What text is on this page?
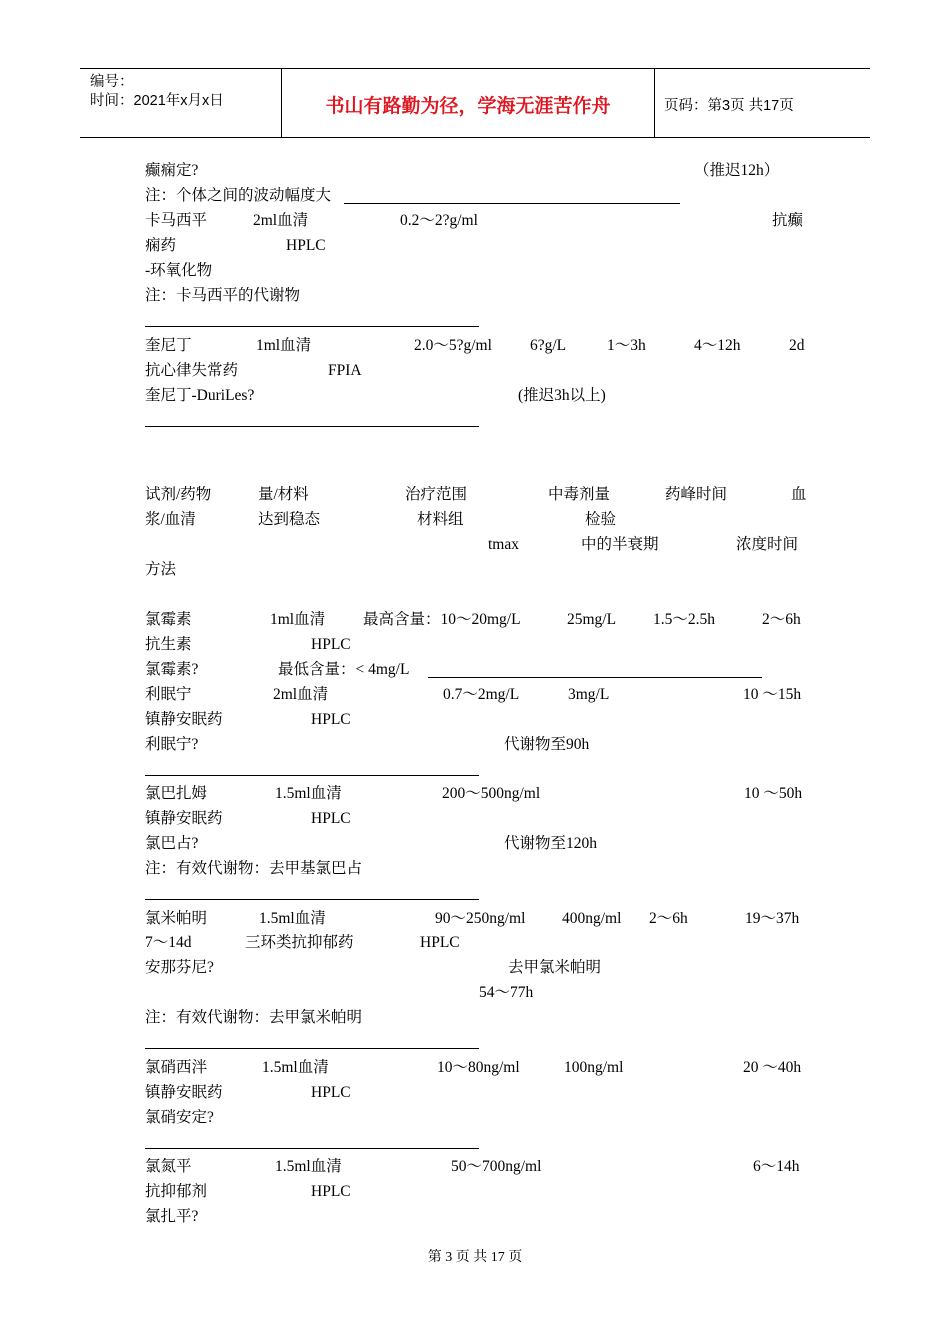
编号：
时间：2021年x月x日	书山有路勤为径，学海无涯苦作舟	页码：第3页 共17页
癫痫定?	（推迟12h）
注：个体之间的波动幅度大
卡马西平	2ml血清	0.2～2?g/ml	抗癫
痫药	HPLC
-环氧化物
注：卡马西平的代谢物
奎尼丁	1ml血清	2.0～5?g/ml 6?g/L	1～3h	4～12h	2d
抗心律失常药	FPIA
奎尼丁-DuriLes?	(推迟3h以上)
试剂/药物	量/材料	治疗范围	中毒剂量	药峰时间	血
浆/血清	达到稳态	材料组	检验
tmax	中的半衰期	浓度时间
方法
氯霉素	1ml血清 最高含量：10～20mg/L	25mg/L 1.5～2.5h	2～6h
抗生素	HPLC
氯霉素?	最低含量：< 4mg/L
利眠宁	2ml血清	0.7～2mg/L	3mg/L	10 ～15h
镇静安眠药	HPLC
利眠宁?	代谢物至90h
氯巴扎姆	1.5ml血清	200～500ng/ml	10 ～50h
镇静安眠药	HPLC
氯巴占?	代谢物至120h
注：有效代谢物：去甲基氯巴占
氯米帕明	1.5ml血清	90～250ng/ml 400ng/ml 2～6h	19～37h
7～14d	三环类抗抑郁药	HPLC
安那芬尼?	去甲氯米帕明
54～77h
注：有效代谢物：去甲氯米帕明
氯硝西泮	1.5ml血清	10～80ng/ml	100ng/ml	20 ～40h
镇静安眠药	HPLC
氯硝安定?
氯氮平	1.5ml血清	50～700ng/ml	6～14h
抗抑郁剂	HPLC
氯扎平?
第 3 页 共 17 页
